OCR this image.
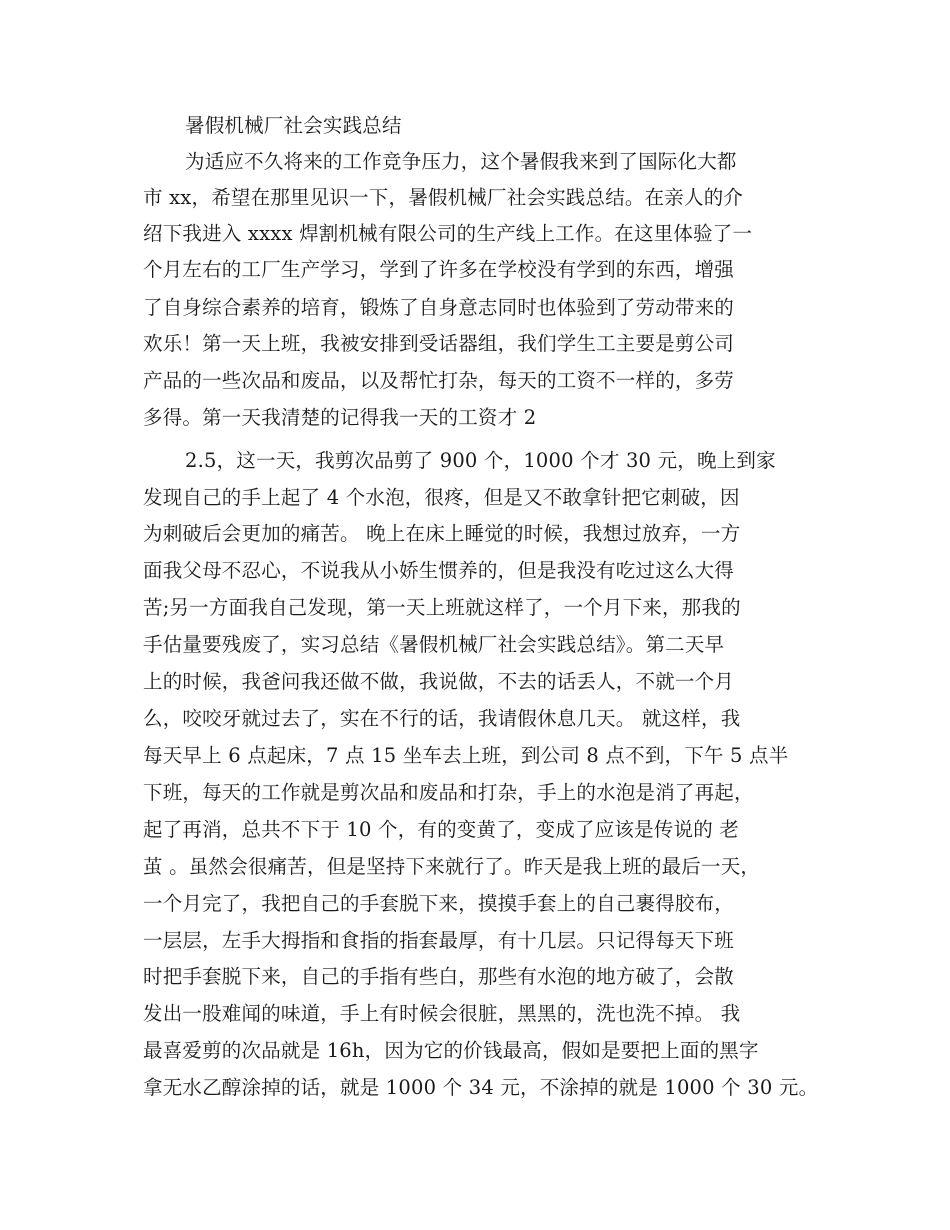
暑假机械厂社会实践总结
为适应不久将来的工作竞争压力，这个暑假我来到了国际化大都
市 xx，希望在那里见识一下，暑假机械厂社会实践总结。在亲人的介
绍下我进入 xxxx 焊割机械有限公司的生产线上工作。在这里体验了一
个月左右的工厂生产学习，学到了许多在学校没有学到的东西，增强
了自身综合素养的培育，锻炼了自身意志同时也体验到了劳动带来的
欢乐！第一天上班，我被安排到受话器组，我们学生工主要是剪公司
产品的一些次品和废品，以及帮忙打杂，每天的工资不一样的，多劳
多得。第一天我清楚的记得我一天的工资才 2
2.5，这一天，我剪次品剪了 900 个，1000 个才 30 元，晚上到家
发现自己的手上起了 4 个水泡，很疼，但是又不敢拿针把它刺破，因
为刺破后会更加的痛苦。 晚上在床上睡觉的时候，我想过放弃，一方
面我父母不忍心，不说我从小娇生惯养的，但是我没有吃过这么大得
苦;另一方面我自己发现，第一天上班就这样了，一个月下来，那我的
手估量要残废了，实习总结《暑假机械厂社会实践总结》。第二天早
上的时候，我爸问我还做不做，我说做，不去的话丢人，不就一个月
么，咬咬牙就过去了，实在不行的话，我请假休息几天。 就这样，我
每天早上 6 点起床，7 点 15 坐车去上班，到公司 8 点不到，下午 5 点半
下班，每天的工作就是剪次品和废品和打杂，手上的水泡是消了再起，
起了再消，总共不下于 10 个，有的变黄了，变成了应该是传说的 老
茧 。虽然会很痛苦，但是坚持下来就行了。昨天是我上班的最后一天，
一个月完了，我把自己的手套脱下来，摸摸手套上的自己裹得胶布，
一层层，左手大拇指和食指的指套最厚，有十几层。只记得每天下班
时把手套脱下来，自己的手指有些白，那些有水泡的地方破了，会散
发出一股难闻的味道，手上有时候会很脏，黑黑的，洗也洗不掉。 我
最喜爱剪的次品就是 16h，因为它的价钱最高，假如是要把上面的黑字
拿无水乙醇涂掉的话，就是 1000 个 34 元，不涂掉的就是 1000 个 30 元。
